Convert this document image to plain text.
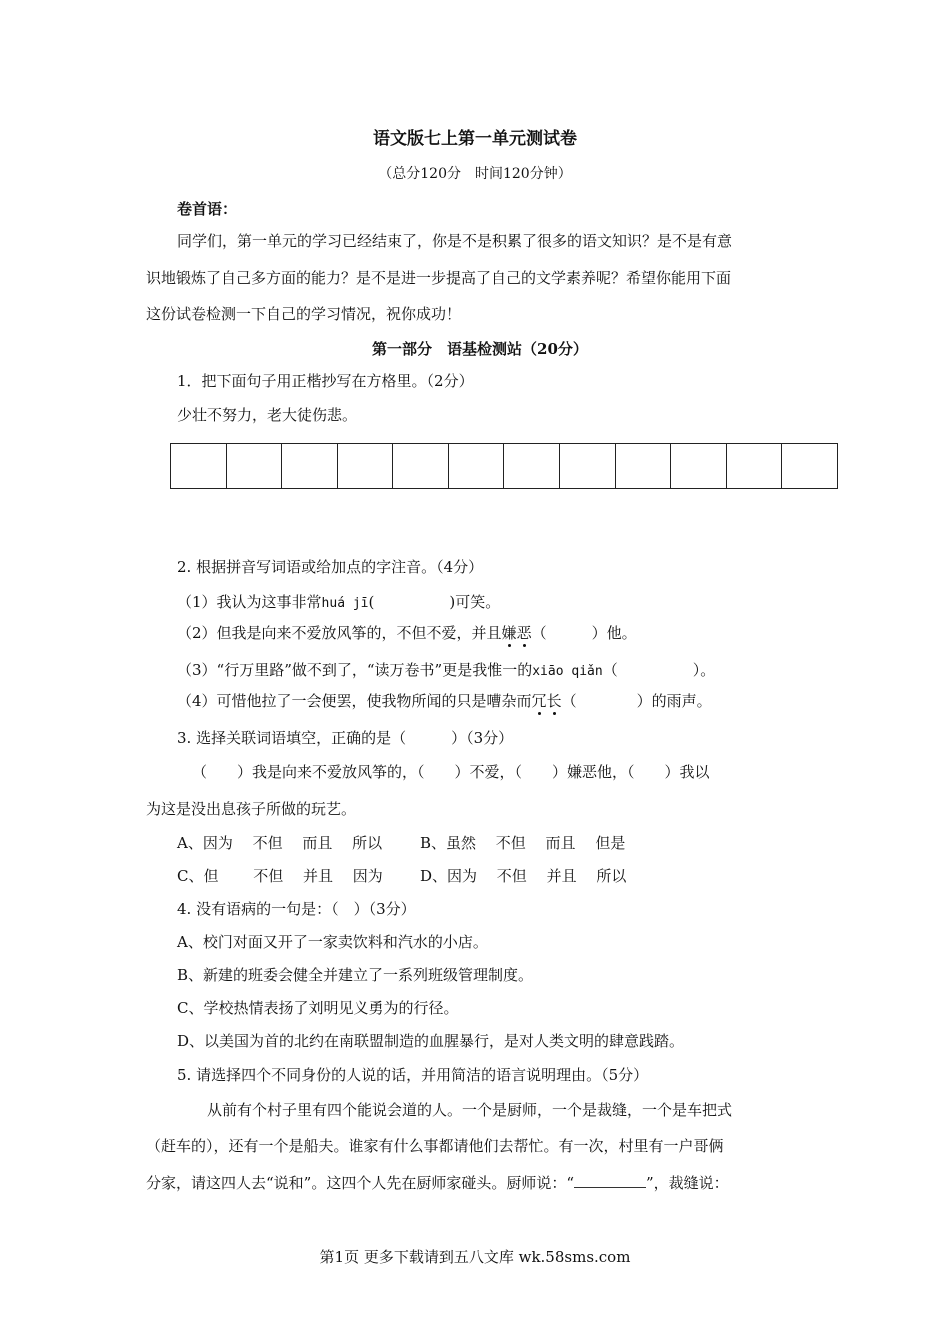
语文版七上第一单元测试卷
（总分120分　时间120分钟）
卷首语：
同学们，第一单元的学习已经结束了，你是不是积累了很多的语文知识？是不是有意
识地锻炼了自己多方面的能力？是不是进一步提高了自己的文学素养呢？希望你能用下面
这份试卷检测一下自己的学习情况，祝你成功！
第一部分　语基检测站（20分）
1．把下面句子用正楷抄写在方格里。（2分）
少壮不努力，老大徒伤悲。
2. 根据拼音写词语或给加点的字注音。（4分）
（1）我认为这事非常huá jī(　　　　　)可笑。
（2）但我是向来不爱放风筝的，不但不爱，并且嫌恶（　　　）他。
（3）“行万里路”做不到了，“读万卷书”更是我惟一的xiāo qiǎn（　　　　　）。
（4）可惜他拉了一会便罢，使我物所闻的只是嘈杂而冗长（　　　　）的雨声。
3. 选择关联词语填空，正确的是（　　　）（3分）
（　　）我是向来不爱放风筝的，（　　）不爱，（　　）嫌恶他，（　　）我以
为这是没出息孩子所做的玩艺。
A、因为　 不但　 而且　 所以	B、虽然　 不但　 而且　 但是
C、但　　 不但　 并且　 因为 D、因为　 不但　 并且　 所以
4. 没有语病的一句是：（　）（3分）
A、校门对面又开了一家卖饮料和汽水的小店。
B、新建的班委会健全并建立了一系列班级管理制度。
C、学校热情表扬了刘明见义勇为的行径。
D、以美国为首的北约在南联盟制造的血腥暴行，是对人类文明的肆意践踏。
5. 请选择四个不同身份的人说的话，并用简洁的语言说明理由。（5分）
从前有个村子里有四个能说会道的人。一个是厨师，一个是裁缝，一个是车把式
（赶车的），还有一个是船夫。谁家有什么事都请他们去帮忙。有一次，村里有一户哥俩
分家，请这四人去“说和”。这四个人先在厨师家碰头。厨师说：“	”，裁缝说：
第1页 更多下载请到五八文库 wk.58sms.com
